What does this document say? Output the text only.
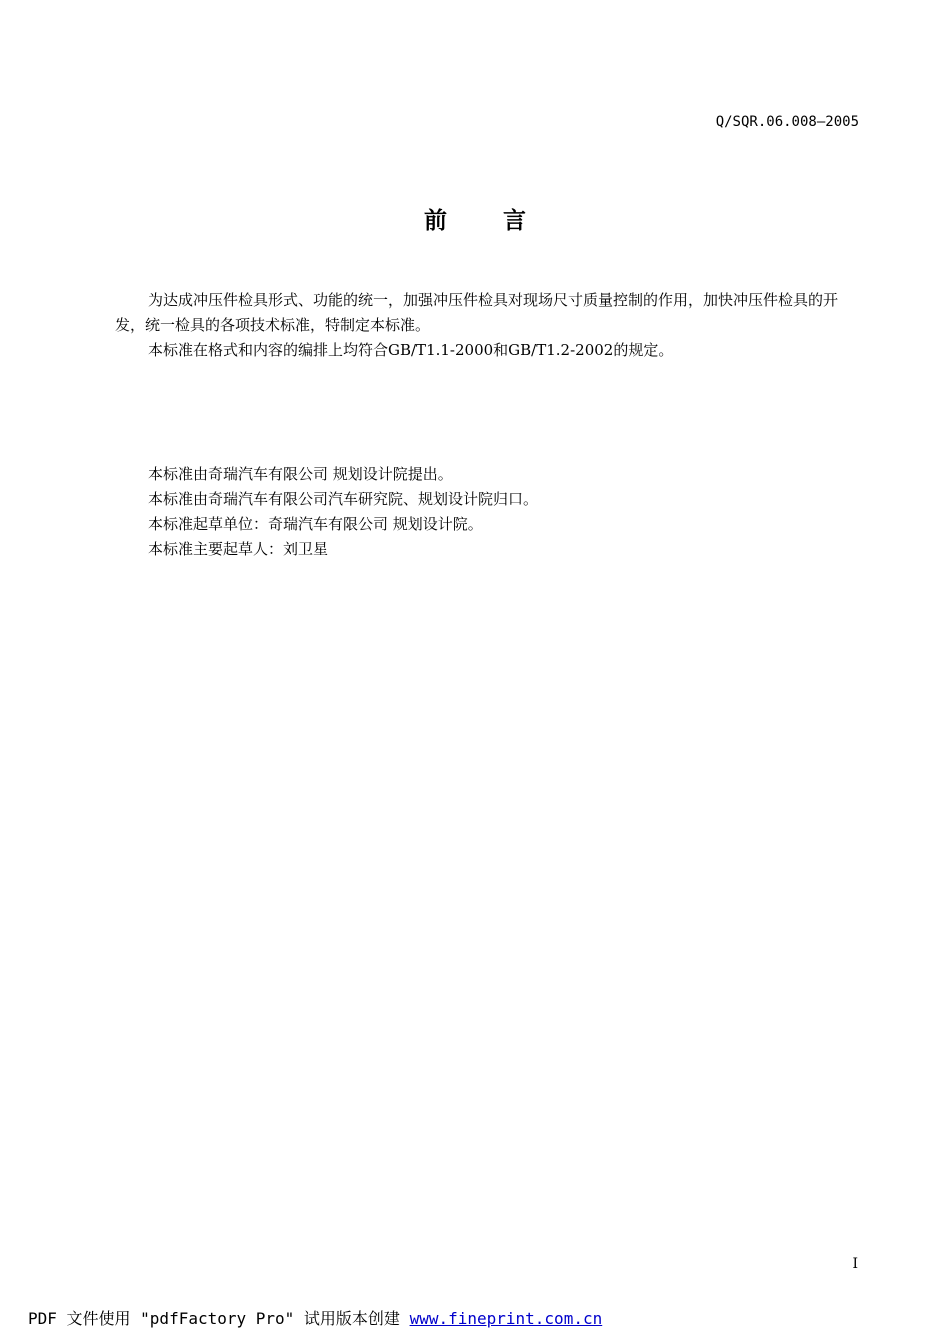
Q/SQR.06.008—2005
前 言

为达成冲压件检具形式、功能的统一，加强冲压件检具对现场尺寸质量控制的作用，加快冲压件检具的开发，统一检具的各项技术标准，特制定本标准。

本标准在格式和内容的编排上均符合GB/T1.1-2000和GB/T1.2-2002的规定。

本标准由奇瑞汽车有限公司 规划设计院提出。

本标准由奇瑞汽车有限公司汽车研究院、规划设计院归口。

本标准起草单位：奇瑞汽车有限公司 规划设计院。

本标准主要起草人：刘卫星

I
PDF 文件使用 "pdfFactory Pro" 试用版本创建 www.fineprint.com.cn
